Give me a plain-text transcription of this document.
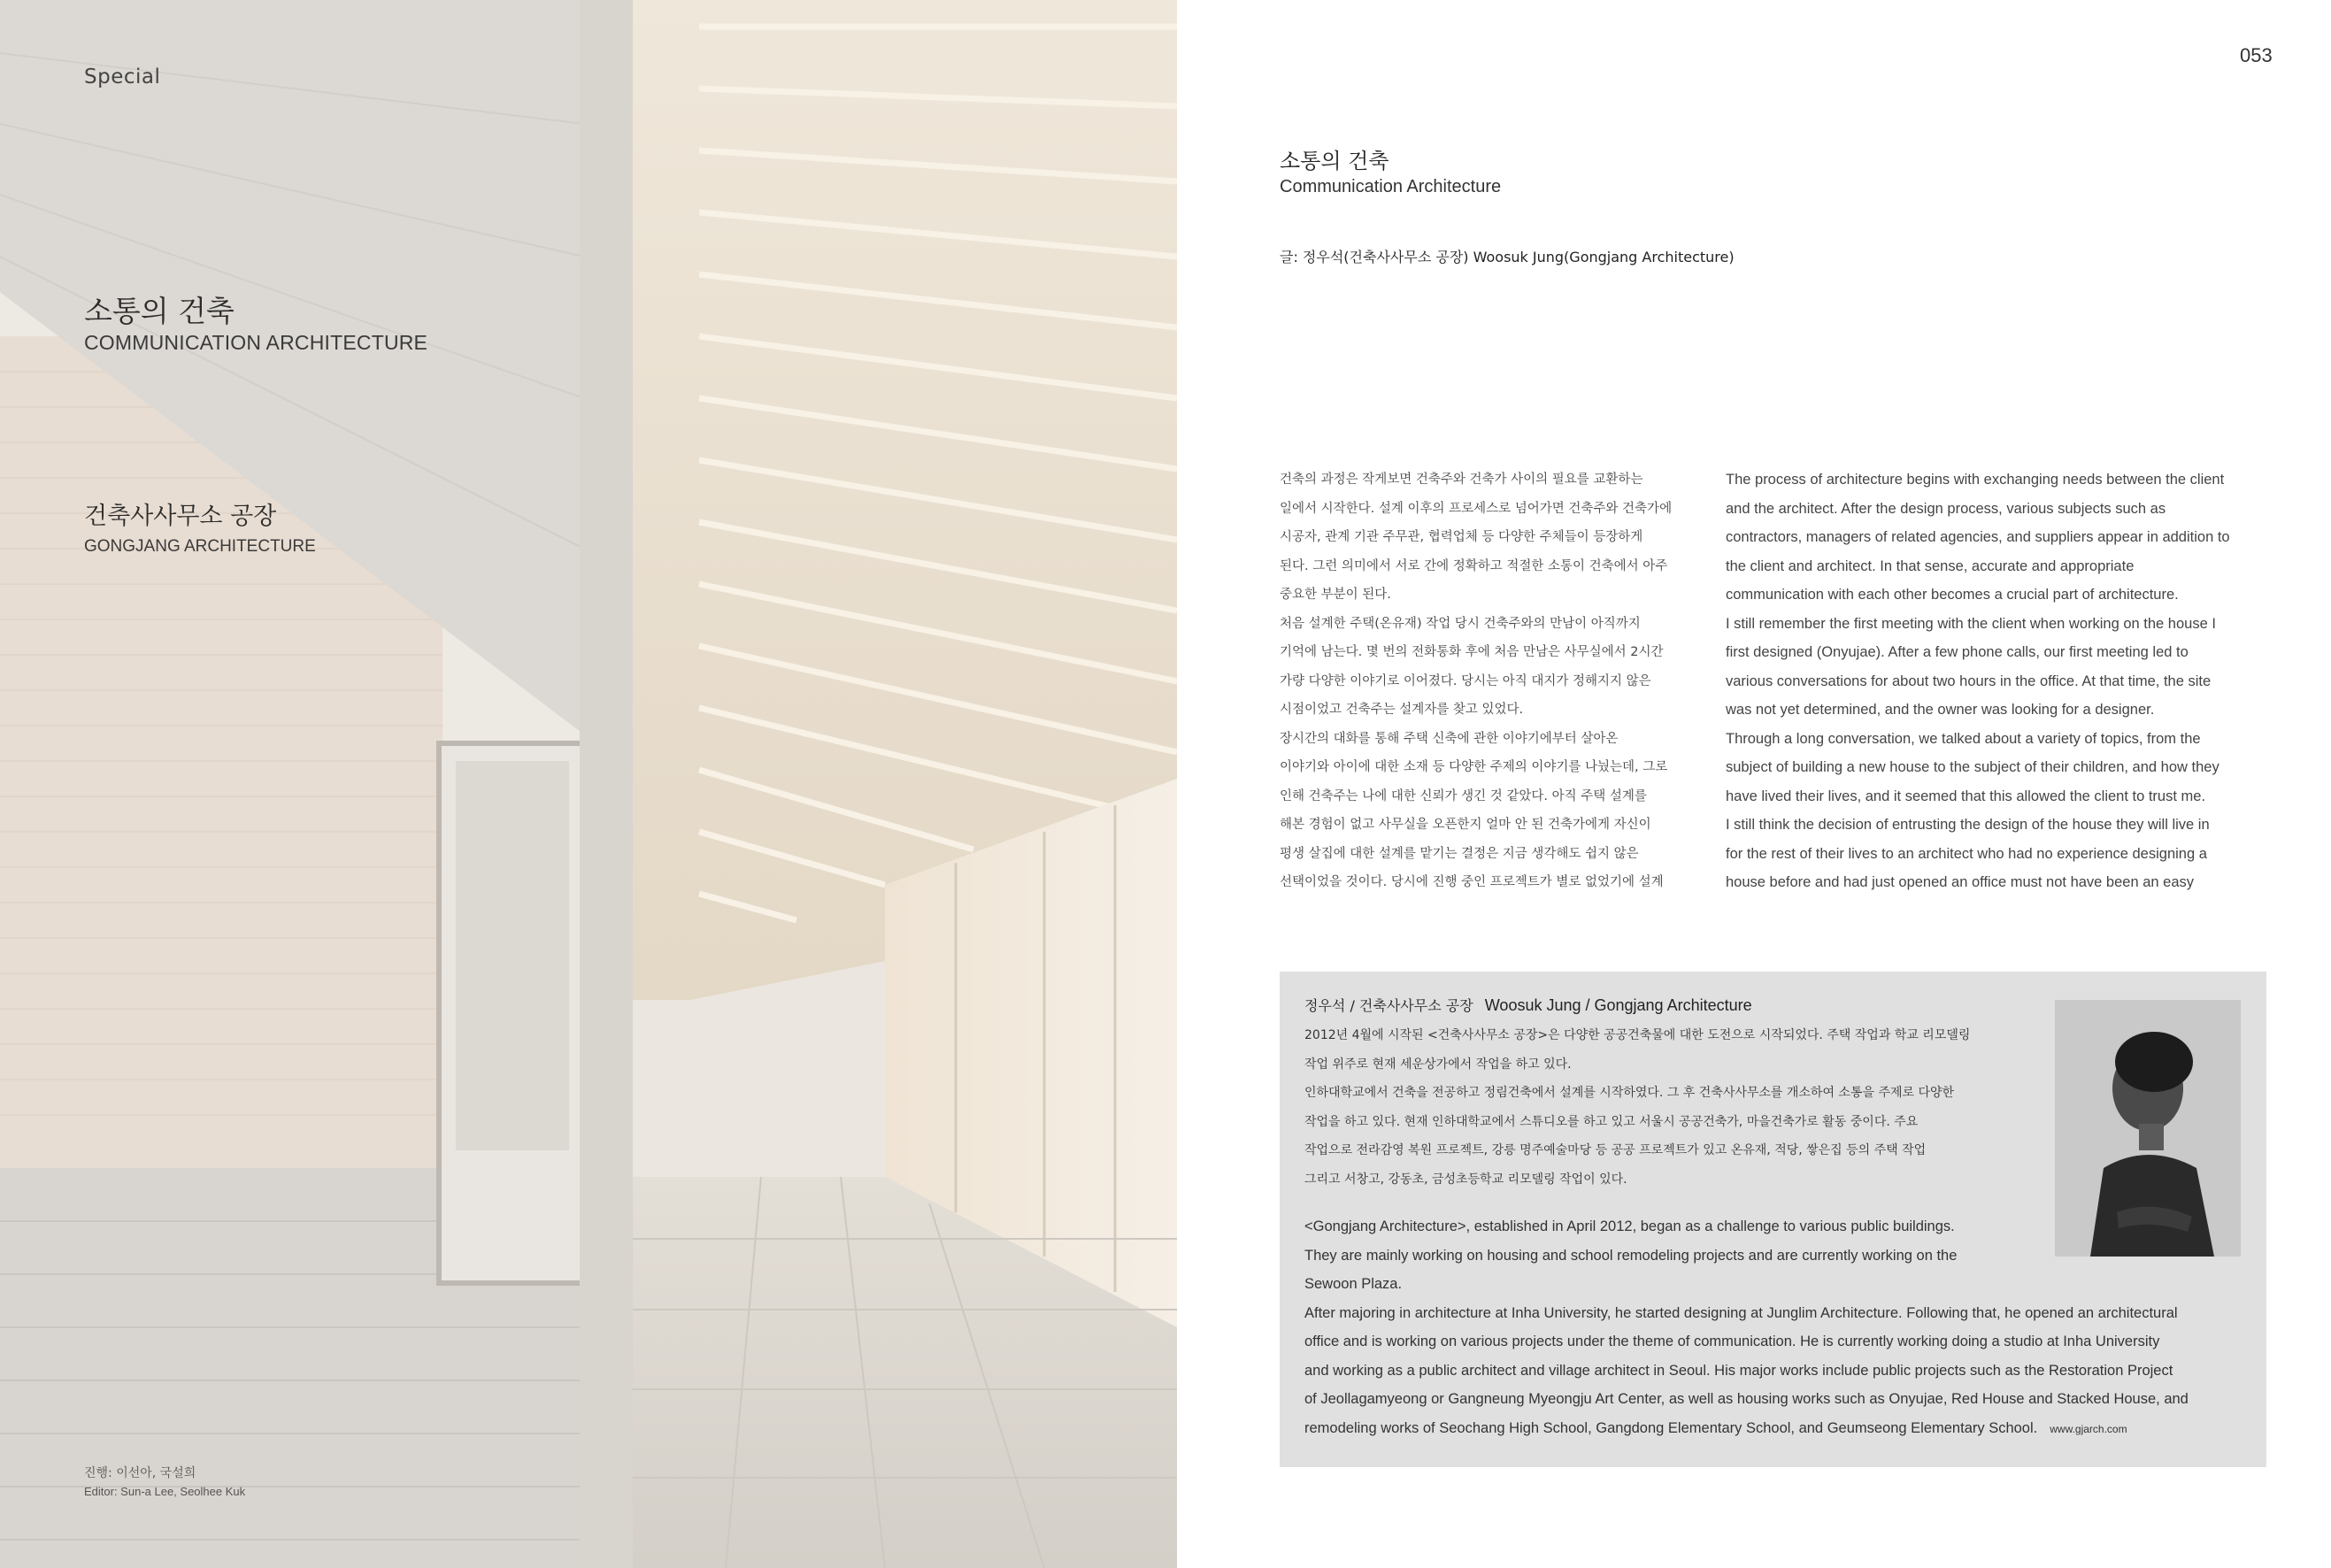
Special
소통의 건축
COMMUNICATION ARCHITECTURE
건축사사무소 공장
GONGJANG ARCHITECTURE
진행: 이선아, 국설희
Editor: Sun-a Lee, Seolhee Kuk
053
소통의 건축
Communication Architecture
글: 정우석(건축사사무소 공장) Woosuk Jung(Gongjang Architecture)
건축의 과정은 작게보면 건축주와 건축가 사이의 필요를 교환하는
일에서 시작한다. 설계 이후의 프로세스로 넘어가면 건축주와 건축가에
시공자, 관계 기관 주무관, 협력업체 등 다양한 주체들이 등장하게
된다. 그런 의미에서 서로 간에 정확하고 적절한 소통이 건축에서 아주
중요한 부분이 된다.
처음 설계한 주택(온유재) 작업 당시 건축주와의 만남이 아직까지
기억에 남는다. 몇 번의 전화통화 후에 처음 만남은 사무실에서 2시간
가량 다양한 이야기로 이어졌다. 당시는 아직 대지가 정해지지 않은
시점이었고 건축주는 설계자를 찾고 있었다.
장시간의 대화를 통해 주택 신축에 관한 이야기에부터 살아온
이야기와 아이에 대한 소재 등 다양한 주제의 이야기를 나눴는데, 그로
인해 건축주는 나에 대한 신뢰가 생긴 것 같았다. 아직 주택 설계를
해본 경험이 없고 사무실을 오픈한지 얼마 안 된 건축가에게 자신이
평생 살집에 대한 설계를 맡기는 결정은 지금 생각해도 쉽지 않은
선택이었을 것이다. 당시에 진행 중인 프로젝트가 별로 없었기에 설계
The process of architecture begins with exchanging needs between the client
and the architect. After the design process, various subjects such as
contractors, managers of related agencies, and suppliers appear in addition to
the client and architect. In that sense, accurate and appropriate
communication with each other becomes a crucial part of architecture.
I still remember the first meeting with the client when working on the house I
first designed (Onyujae). After a few phone calls, our first meeting led to
various conversations for about two hours in the office. At that time, the site
was not yet determined, and the owner was looking for a designer.
Through a long conversation, we talked about a variety of topics, from the
subject of building a new house to the subject of their children, and how they
have lived their lives, and it seemed that this allowed the client to trust me.
I still think the decision of entrusting the design of the house they will live in
for the rest of their lives to an architect who had no experience designing a
house before and had just opened an office must not have been an easy
정우석 / 건축사사무소 공장 Woosuk Jung / Gongjang Architecture
2012년 4월에 시작된 <건축사사무소 공장>은 다양한 공공건축물에 대한 도전으로 시작되었다. 주택 작업과 학교 리모델링
작업 위주로 현재 세운상가에서 작업을 하고 있다.
인하대학교에서 건축을 전공하고 정림건축에서 설계를 시작하였다. 그 후 건축사사무소를 개소하여 소통을 주제로 다양한
작업을 하고 있다. 현재 인하대학교에서 스튜디오를 하고 있고 서울시 공공건축가, 마을건축가로 활동 중이다. 주요
작업으로 전라감영 복원 프로젝트, 강릉 명주예술마당 등 공공 프로젝트가 있고 온유재, 적당, 쌓은집 등의 주택 작업
그리고 서창고, 강동초, 금성초등학교 리모델링 작업이 있다.
<Gongjang Architecture>, established in April 2012, began as a challenge to various public buildings.
They are mainly working on housing and school remodeling projects and are currently working on the
Sewoon Plaza.
After majoring in architecture at Inha University, he started designing at Junglim Architecture. Following that, he opened an architectural
office and is working on various projects under the theme of communication. He is currently working doing a studio at Inha University
and working as a public architect and village architect in Seoul. His major works include public projects such as the Restoration Project
of Jeollagamyeong or Gangneung Myeongju Art Center, as well as housing works such as Onyujae, Red House and Stacked House, and
remodeling works of Seochang High School, Gangdong Elementary School, and Geumseong Elementary School. www.gjarch.com
